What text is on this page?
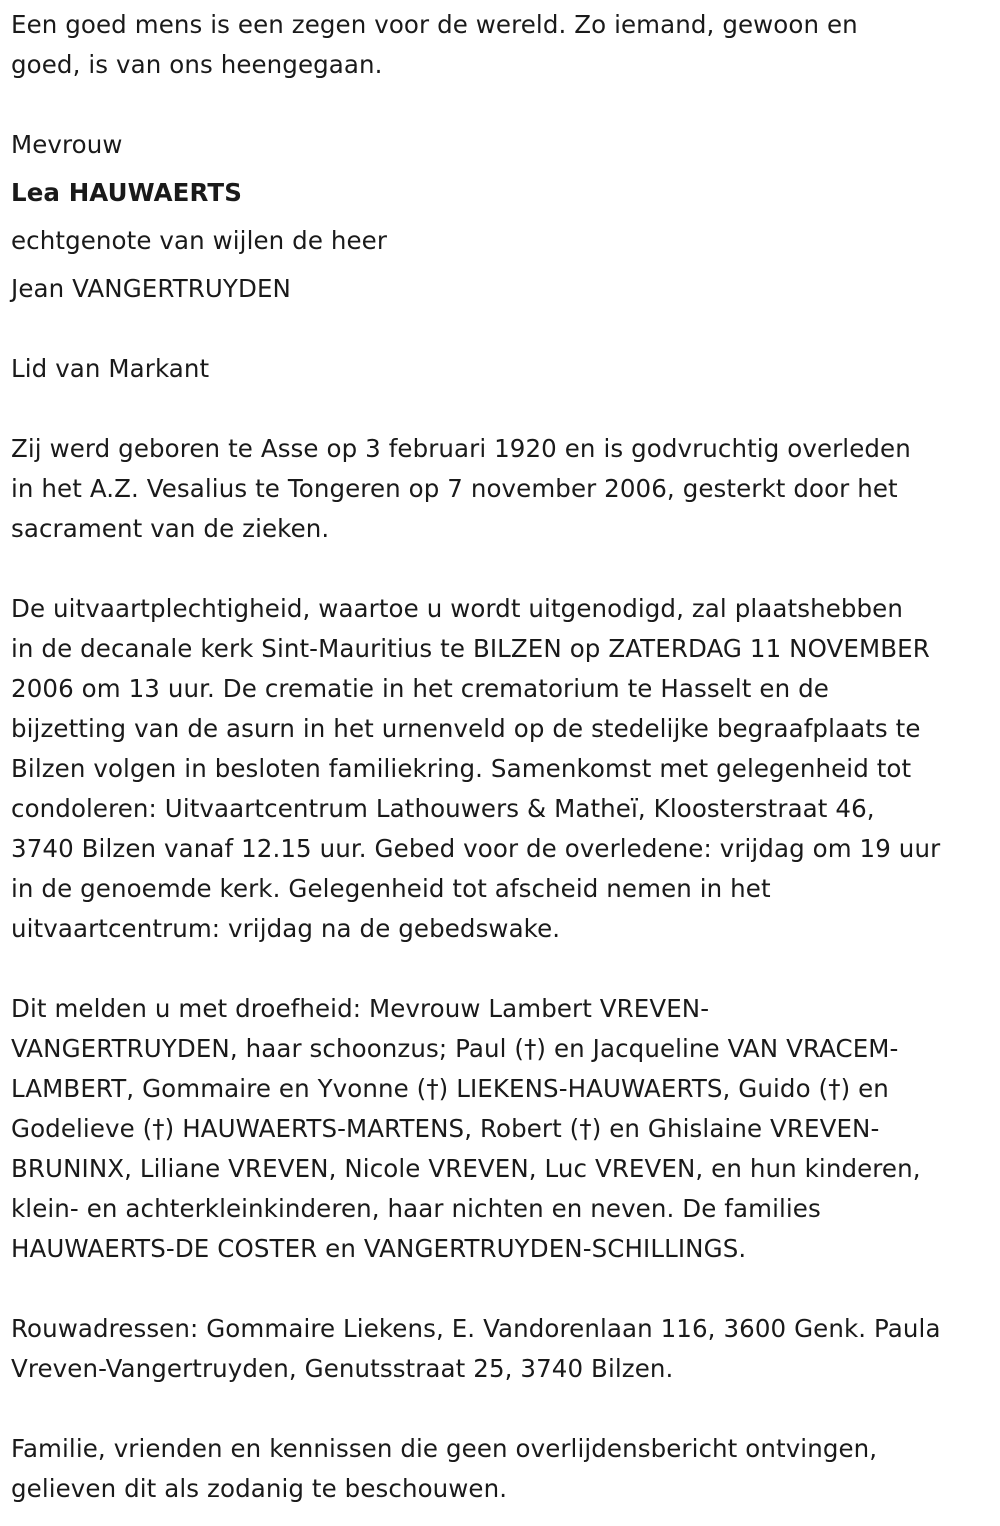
Een goed mens is een zegen voor de wereld. Zo iemand, gewoon en
goed, is van ons heengegaan.
Mevrouw
Lea HAUWAERTS
echtgenote van wijlen de heer
Jean VANGERTRUYDEN
Lid van Markant
Zij werd geboren te Asse op 3 februari 1920 en is godvruchtig overleden
in het A.Z. Vesalius te Tongeren op 7 november 2006, gesterkt door het
sacrament van de zieken.
De uitvaartplechtigheid, waartoe u wordt uitgenodigd, zal plaatshebben
in de decanale kerk Sint-Mauritius te BILZEN op ZATERDAG 11 NOVEMBER
2006 om 13 uur. De crematie in het crematorium te Hasselt en de
bijzetting van de asurn in het urnenveld op de stedelijke begraafplaats te
Bilzen volgen in besloten familiekring. Samenkomst met gelegenheid tot
condoleren: Uitvaartcentrum Lathouwers & Matheï, Kloosterstraat 46,
3740 Bilzen vanaf 12.15 uur. Gebed voor de overledene: vrijdag om 19 uur
in de genoemde kerk. Gelegenheid tot afscheid nemen in het
uitvaartcentrum: vrijdag na de gebedswake.
Dit melden u met droefheid: Mevrouw Lambert VREVEN-
VANGERTRUYDEN, haar schoonzus; Paul (†) en Jacqueline VAN VRACEM-
LAMBERT, Gommaire en Yvonne (†) LIEKENS-HAUWAERTS, Guido (†) en
Godelieve (†) HAUWAERTS-MARTENS, Robert (†) en Ghislaine VREVEN-
BRUNINX, Liliane VREVEN, Nicole VREVEN, Luc VREVEN, en hun kinderen,
klein- en achterkleinkinderen, haar nichten en neven. De families
HAUWAERTS-DE COSTER en VANGERTRUYDEN-SCHILLINGS.
Rouwadressen: Gommaire Liekens, E. Vandorenlaan 116, 3600 Genk. Paula
Vreven-Vangertruyden, Genutsstraat 25, 3740 Bilzen.
Familie, vrienden en kennissen die geen overlijdensbericht ontvingen,
gelieven dit als zodanig te beschouwen.
